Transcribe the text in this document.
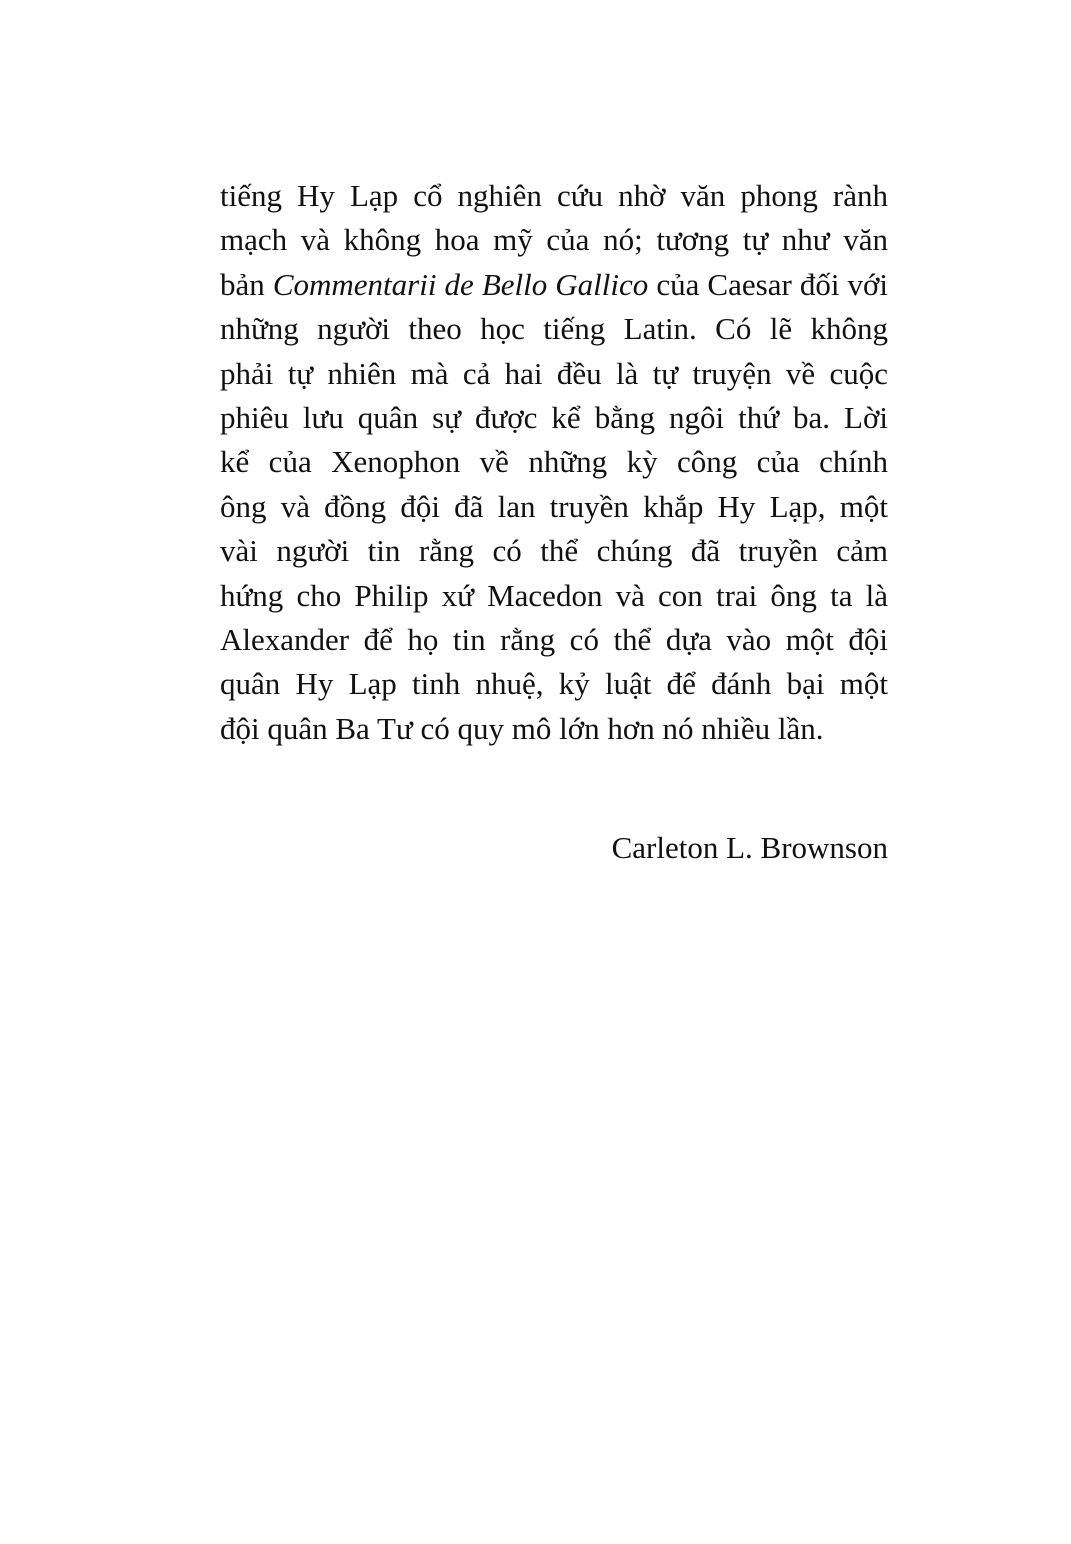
tiếng Hy Lạp cổ nghiên cứu nhờ văn phong rành
mạch và không hoa mỹ của nó; tương tự như văn
bản Commentarii de Bello Gallico của Caesar đối với
những người theo học tiếng Latin. Có lẽ không
phải tự nhiên mà cả hai đều là tự truyện về cuộc
phiêu lưu quân sự được kể bằng ngôi thứ ba. Lời
kể của Xenophon về những kỳ công của chính
ông và đồng đội đã lan truyền khắp Hy Lạp, một
vài người tin rằng có thể chúng đã truyền cảm
hứng cho Philip xứ Macedon và con trai ông ta là
Alexander để họ tin rằng có thể dựa vào một đội
quân Hy Lạp tinh nhuệ, kỷ luật để đánh bại một
đội quân Ba Tư có quy mô lớn hơn nó nhiều lần.
Carleton L. Brownson
